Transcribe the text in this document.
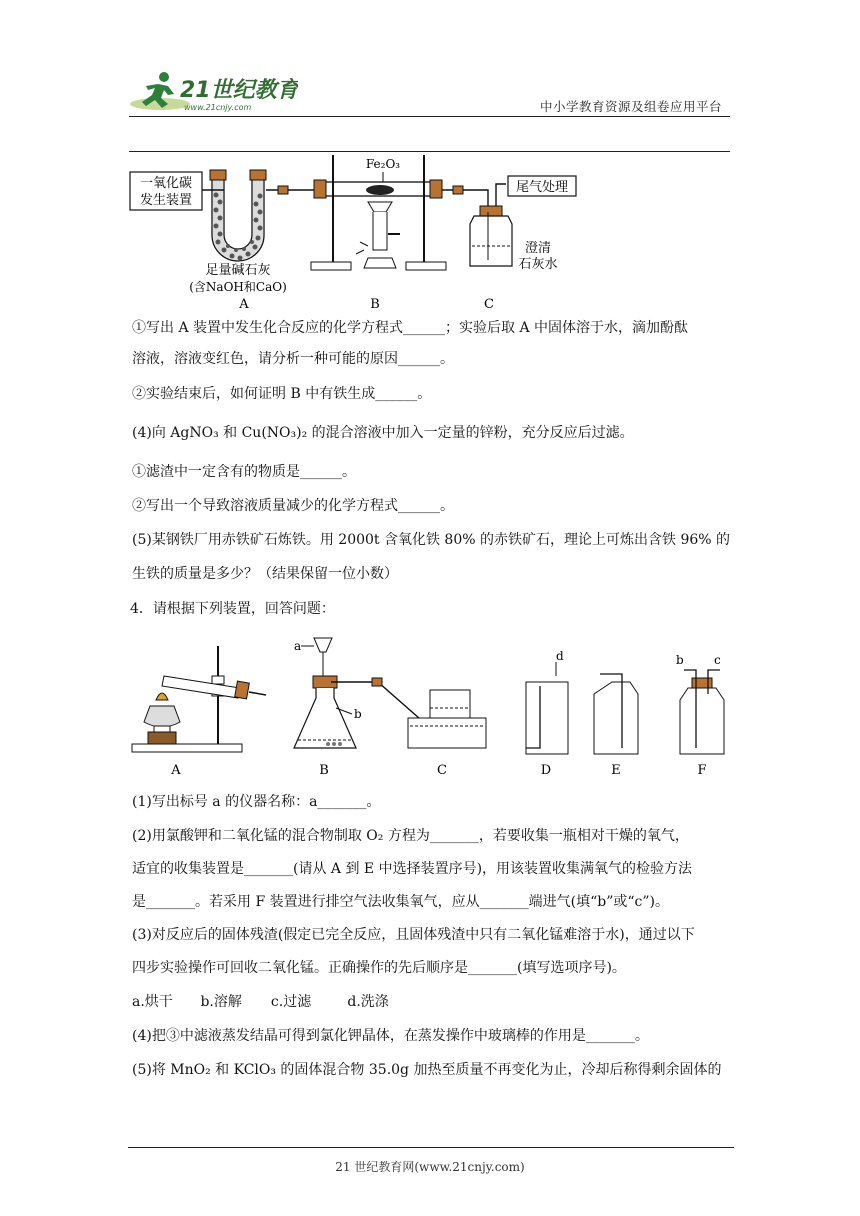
21世纪教育
www.21cnjy.com	中小学教育资源及组卷应用平台
一氧化碳
发生装置
Fe₂O₃
尾气处理
澄清
石灰水
足量碱石灰
(含NaOH和CaO)
A	B	C
①写出 A 装置中发生化合反应的化学方程式______；实验后取 A 中固体溶于水，滴加酚酞
溶液，溶液变红色，请分析一种可能的原因______。
②实验结束后，如何证明 B 中有铁生成______。
(4)向 AgNO₃ 和 Cu(NO₃)₂ 的混合溶液中加入一定量的锌粉，充分反应后过滤。
①滤渣中一定含有的物质是______。
②写出一个导致溶液质量减少的化学方程式______。
(5)某钢铁厂用赤铁矿石炼铁。用 2000t 含氧化铁 80% 的赤铁矿石，理论上可炼出含铁 96% 的
生铁的质量是多少？（结果保留一位小数）
4．请根据下列装置，回答问题：
a
b
d	b	c
A	B	C	D	E	F
(1)写出标号 a 的仪器名称：a_______。
(2)用氯酸钾和二氧化锰的混合物制取 O₂ 方程为_______，若要收集一瓶相对干燥的氧气，
适宜的收集装置是_______(请从 A 到 E 中选择装置序号)，用该装置收集满氧气的检验方法
是_______。若采用 F 装置进行排空气法收集氧气，应从_______端进气(填“b”或“c”)。
(3)对反应后的固体残渣(假定已完全反应，且固体残渣中只有二氧化锰难溶于水)，通过以下
四步实验操作可回收二氧化锰。正确操作的先后顺序是_______(填写选项序号)。
a.烘干 b.溶解 c.过滤	d.洗涤
(4)把③中滤液蒸发结晶可得到氯化钾晶体，在蒸发操作中玻璃棒的作用是_______。
(5)将 MnO₂ 和 KClO₃ 的固体混合物 35.0g 加热至质量不再变化为止，冷却后称得剩余固体的
21 世纪教育网(www.21cnjy.com)
